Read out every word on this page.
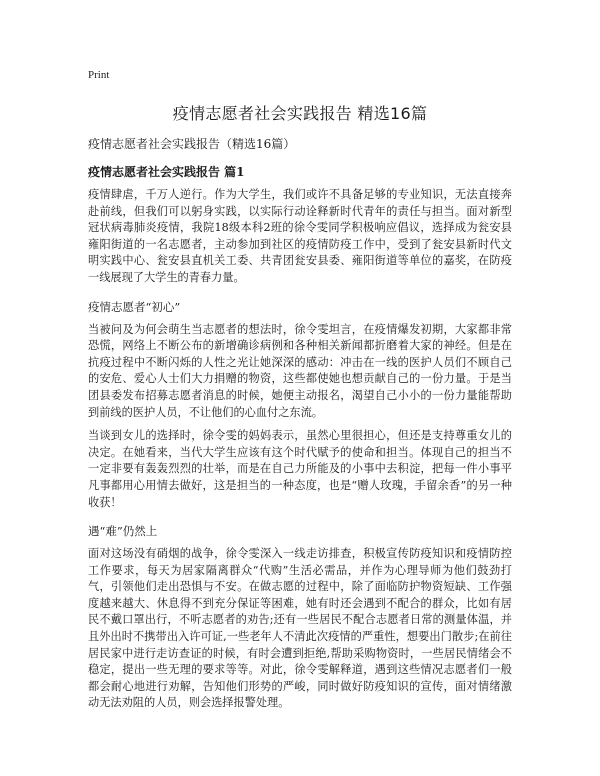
Print
疫情志愿者社会实践报告 精选16篇

疫情志愿者社会实践报告（精选16篇）

疫情志愿者社会实践报告 篇1

疫情肆虐，千万人逆行。作为大学生，我们或许不具备足够的专业知识，无法直接奔赴前线，但我们可以躬身实践，以实际行动诠释新时代青年的责任与担当。面对新型冠状病毒肺炎疫情，我院18级本科2班的徐令雯同学积极响应倡议，选择成为瓮安县雍阳街道的一名志愿者，主动参加到社区的疫情防疫工作中，受到了瓮安县新时代文明实践中心、瓮安县直机关工委、共青团瓮安县委、雍阳街道等单位的嘉奖，在防疫一线展现了大学生的青春力量。

疫情志愿者“初心”

当被问及为何会萌生当志愿者的想法时，徐令雯坦言，在疫情爆发初期，大家都非常恐慌，网络上不断公布的新增确诊病例和各种相关新闻都折磨着大家的神经。但是在抗疫过程中不断闪烁的人性之光让她深深的感动：冲击在一线的医护人员们不顾自己的安危、爱心人士们大力捐赠的物资，这些都使她也想贡献自己的一份力量。于是当团县委发布招募志愿者消息的时候，她便主动报名，渴望自己小小的一份力量能帮助到前线的医护人员，不让他们的心血付之东流。

当谈到女儿的选择时，徐令雯的妈妈表示，虽然心里很担心，但还是支持尊重女儿的决定。在她看来，当代大学生应该有这个时代赋予的使命和担当。体现自己的担当不一定非要有轰轰烈烈的壮举，而是在自己力所能及的小事中去积淀，把每一件小事平凡事都用心用情去做好，这是担当的一种态度，也是“赠人玫瑰，手留余香”的另一种收获！

遇“难”仍然上

面对这场没有硝烟的战争，徐令雯深入一线走访排查，积极宣传防疫知识和疫情防控工作要求，每天为居家隔离群众“代购”生活必需品，并作为心理导师为他们鼓劲打气，引领他们走出恐惧与不安。在做志愿的过程中，除了面临防护物资短缺、工作强度越来越大、休息得不到充分保证等困难，她有时还会遇到不配合的群众，比如有居民不戴口罩出行，不听志愿者的劝告;还有一些居民不配合志愿者日常的测量体温，并且外出时不携带出入许可证,一些老年人不清此次疫情的严重性，想要出门散步;在前往居民家中进行走访查证的时候，有时会遭到拒绝,帮助采购物资时，一些居民情绪会不稳定，提出一些无理的要求等等。对此，徐令雯解释道，遇到这些情况志愿者们一般都会耐心地进行劝解，告知他们形势的严峻，同时做好防疫知识的宣传，面对情绪激动无法劝阻的人员，则会选择报警处理。
